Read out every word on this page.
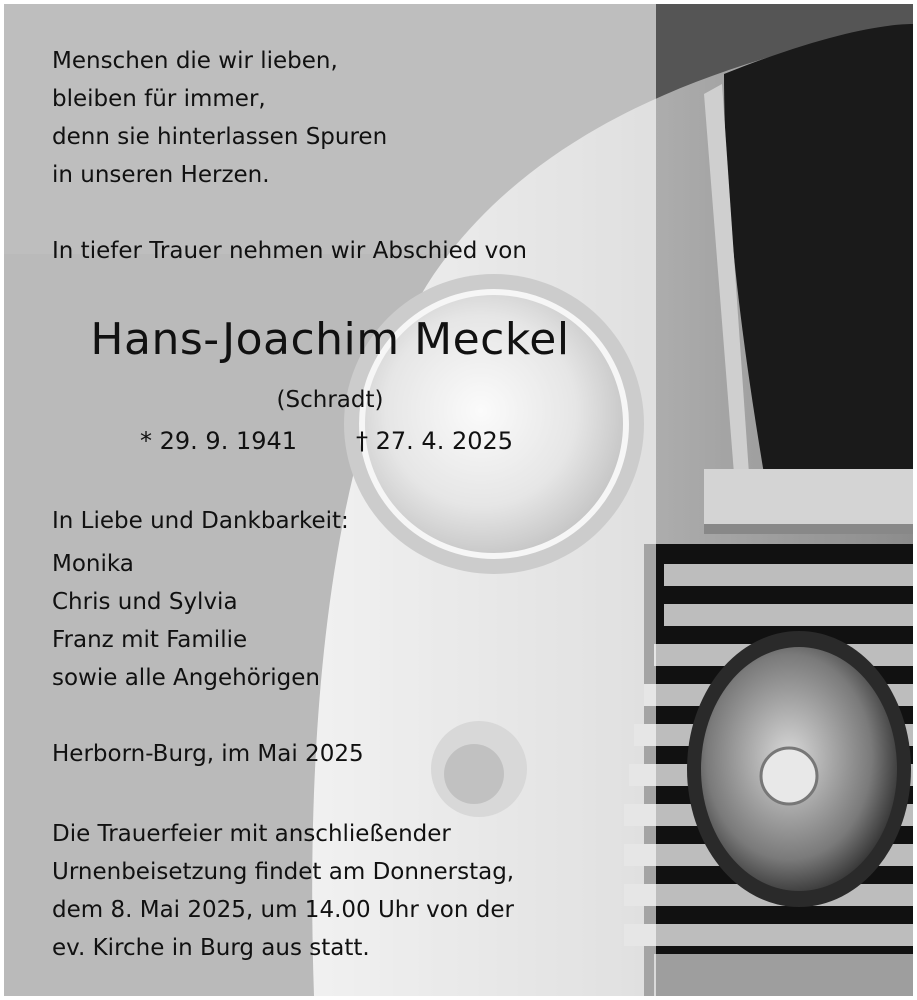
Menschen die wir lieben,
bleiben für immer,
denn sie hinterlassen Spuren
in unseren Herzen.
In tiefer Trauer nehmen wir Abschied von
Hans-Joachim Meckel
(Schradt)
* 29. 9. 1941 † 27. 4. 2025
In Liebe und Dankbarkeit:
Monika
Chris und Sylvia
Franz mit Familie
sowie alle Angehörigen
Herborn-Burg, im Mai 2025
Die Trauerfeier mit anschließender
Urnenbeisetzung findet am Donnerstag,
dem 8. Mai 2025, um 14.00 Uhr von der
ev. Kirche in Burg aus statt.
